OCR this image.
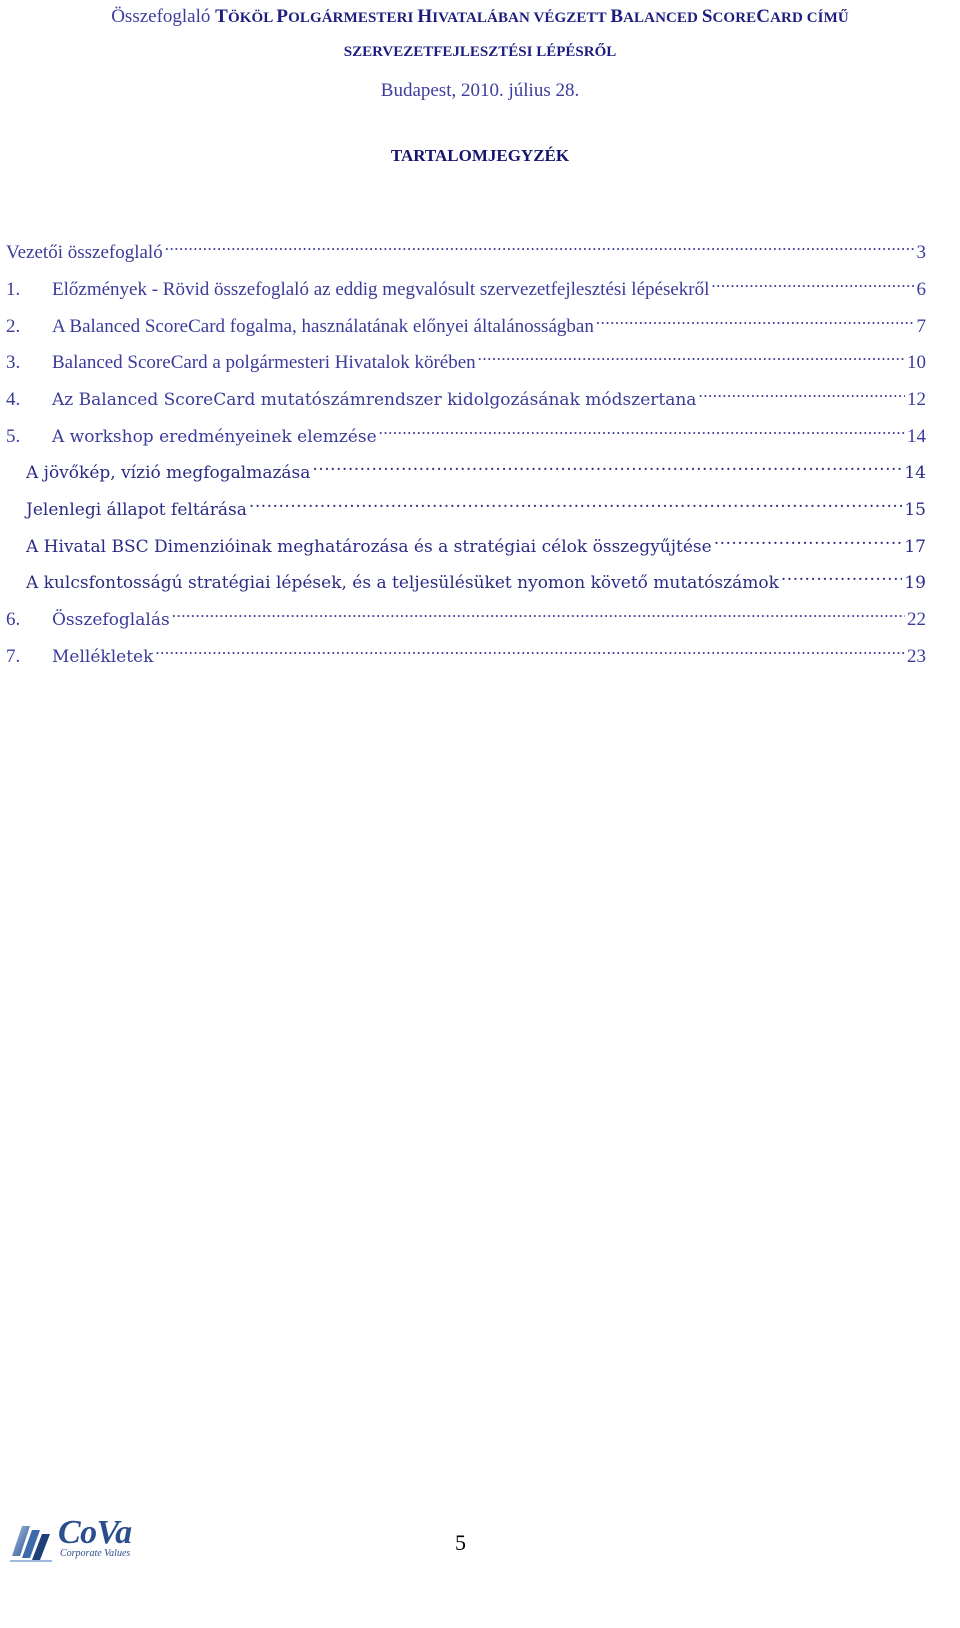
Összefoglaló TÖKÖL POLGÁRMESTERI HIVATALÁBAN VÉGZETT BALANCED SCORECARD CÍMŰ
SZERVEZETFEJLESZTÉSI LÉPÉSRŐL
Budapest, 2010. július 28.
TARTALOMJEGYZÉK
Vezetői összefoglaló .....	3
1.	Előzmények - Rövid összefoglaló az eddig megvalósult szervezetfejlesztési lépésekről .....	6
2.	A Balanced ScoreCard fogalma, használatának előnyei általánosságban .....	7
3.	Balanced ScoreCard a polgármesteri Hivatalok körében .....	10
4.	Az Balanced ScoreCard mutatószámrendszer kidolgozásának módszertana .....	12
5.	A workshop eredményeinek elemzése .....	14
A jövőkép, vízió megfogalmazása .....	14
Jelenlegi állapot feltárása .....	15
A Hivatal BSC Dimenzióinak meghatározása és a stratégiai célok összegyűjtése .....	17
A kulcsfontosságú stratégiai lépések, és a teljesülésüket nyomon követő mutatószámok .....	19
6.	Összefoglalás .....	22
7.	Mellékletek .....	23
CoVa
Corporate Values	5
